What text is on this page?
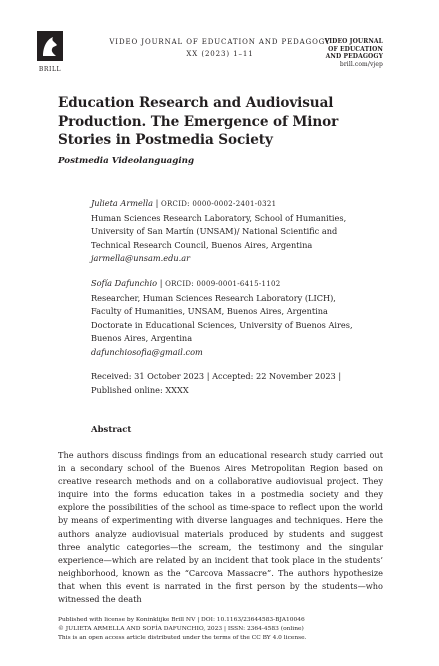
BRILL
VIDEO JOURNAL OF EDUCATION AND PEDAGOGY
XX (2023) 1–11
VIDEO JOURNAL
OF EDUCATION
AND PEDAGOGY
brill.com/vjep
Education Research and Audiovisual Production. The Emergence of Minor Stories in Postmedia Society
Postmedia Videolanguaging

Julieta Armella | ORCID: 0000-0002-2401-0321

Human Sciences Research Laboratory, School of Humanities,

University of San Martín (UNSAM)/ National Scientific and

Technical Research Council, Buenos Aires, Argentina

jarmella@unsam.edu.ar

Sofía Dafunchio | ORCID: 0009-0001-6415-1102

Researcher, Human Sciences Research Laboratory (LICH),

Faculty of Humanities, UNSAM, Buenos Aires, Argentina

Doctorate in Educational Sciences, University of Buenos Aires,

Buenos Aires, Argentina

dafunchiosofia@gmail.com

Received: 31 October 2023 | Accepted: 22 November 2023 |
Published online: XXXX
Abstract
The authors discuss findings from an educational research study carried out in a secondary school of the Buenos Aires Metropolitan Region based on creative research methods and on a collaborative audiovisual project. They inquire into the forms education takes in a postmedia society and they explore the possibilities of the school as time-space to reflect upon the world by means of experimenting with diverse languages and techniques. Here the authors analyze audiovisual materials produced by students and suggest three analytic categories—the scream, the testimony and the singular experience—which are related by an incident that took place in the students’ neighborhood, known as the “Carcova Massacre”. The authors hypothesize that when this event is narrated in the first person by the students—who witnessed the death
Published with license by Koninklijke Brill NV | DOI: 10.1163/23644583-BJA10046
© JULIETA ARMELLA AND SOFÍA DAFUNCHIO, 2023 | ISSN: 2364-4583 (online)
This is an open access article distributed under the terms of the CC BY 4.0 license.
